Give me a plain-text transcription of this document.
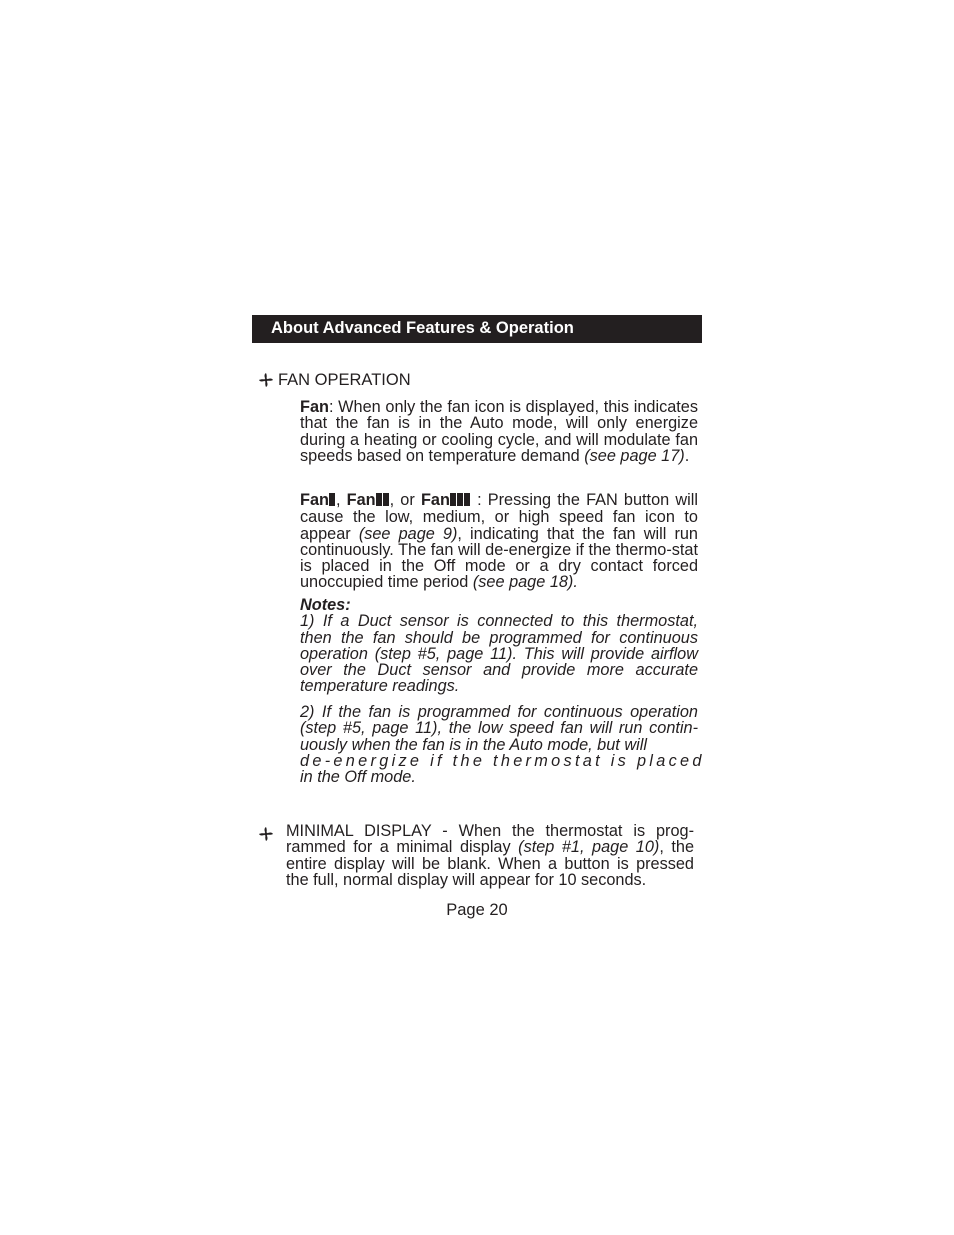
About Advanced Features & Operation
FAN OPERATION

Fan: When only the fan icon is displayed, this indicates that the fan is in the Auto mode, will only energize during a heating or cooling cycle, and will modulate fan speeds based on temperature demand (see page 17).

Fan , Fan , or Fan : Pressing the FAN button will cause the low, medium, or high speed fan icon to appear (see page 9), indicating that the fan will run continuously. The fan will de-energize if the thermo-stat is placed in the Off mode or a dry contact forced unoccupied time period (see page 18).

Notes:

1) If a Duct sensor is connected to this thermostat, then the fan should be programmed for continuous operation (step #5, page 11). This will provide airflow over the Duct sensor and provide more accurate temperature readings.

2) If the fan is programmed for continuous operation (step #5, page 11), the low speed fan will run contin-uously when the fan is in the Auto mode, but will

de-energize if the thermostat is placed

in the Off mode.

MINIMAL DISPLAY - When the thermostat is prog-rammed for a minimal display (step #1, page 10), the entire display will be blank. When a button is pressed the full, normal display will appear for 10 seconds.
Page 20
